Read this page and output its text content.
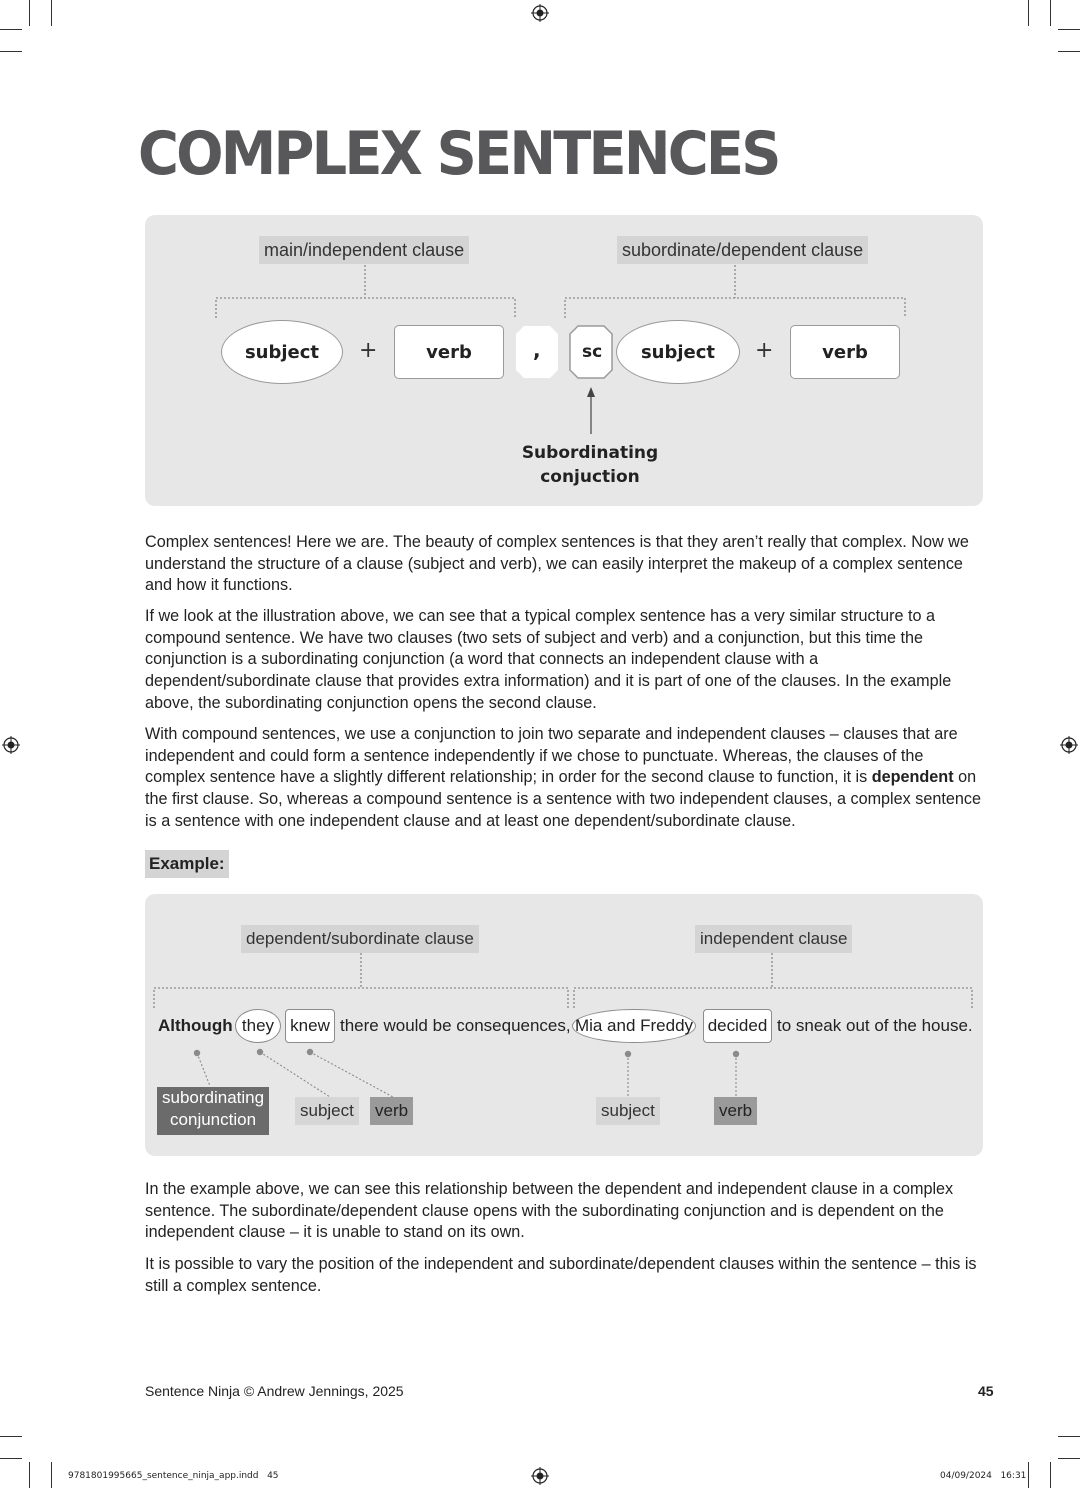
COMPLEX SENTENCES
main/independent clause	subordinate/dependent clause
subject	+	verb	, sc	subject	+	verb
Subordinating
conjuction

Complex sentences! Here we are. The beauty of complex sentences is that they aren’t really that complex. Now we understand the structure of a clause (subject and verb), we can easily interpret the makeup of a complex sentence and how it functions.

If we look at the illustration above, we can see that a typical complex sentence has a very similar structure to a compound sentence. We have two clauses (two sets of subject and verb) and a conjunction, but this time the conjunction is a subordinating conjunction (a word that connects an independent clause with a dependent/subordinate clause that provides extra information) and it is part of one of the clauses. In the example above, the subordinating conjunction opens the second clause.

With compound sentences, we use a conjunction to join two separate and independent clauses – clauses that are independent and could form a sentence independently if we chose to punctuate. Whereas, the clauses of the complex sentence have a slightly different relationship; in order for the second clause to function, it is dependent on the first clause. So, whereas a compound sentence is a sentence with two independent clauses, a complex sentence is a sentence with one independent clause and at least one dependent/subordinate clause.

Example:
dependent/subordinate clause	independent clause
Although they knew there would be consequences, Mia and Freddy decided to sneak out of the house.
subordinating
conjunction	subject verb	subject	verb

In the example above, we can see this relationship between the dependent and independent clause in a complex sentence. The subordinate/dependent clause opens with the subordinating conjunction and is dependent on the independent clause – it is unable to stand on its own.

It is possible to vary the position of the independent and subordinate/dependent clauses within the sentence – this is still a complex sentence.

Sentence Ninja © Andrew Jennings, 2025	45
9781801995665_sentence_ninja_app.indd   45	04/09/2024   16:31
